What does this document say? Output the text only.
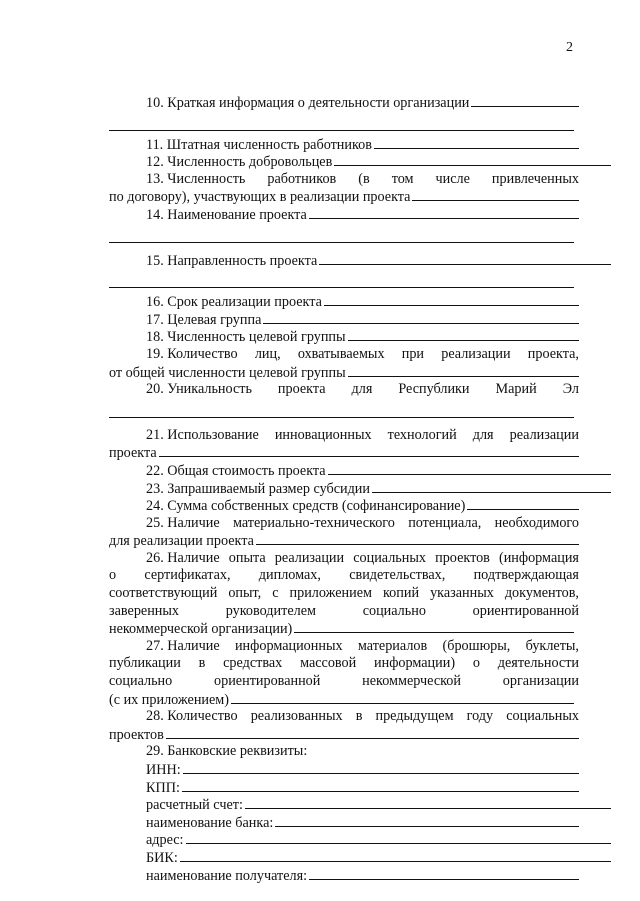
2
10. Краткая информация о деятельности организации
11. Штатная численность работников
12. Численность добровольцев
13. Численность работников (в том числе привлеченных
по договору), участвующих в реализации проекта
14. Наименование проекта
15. Направленность проекта
16. Срок реализации проекта
17. Целевая группа
18. Численность целевой группы
19. Количество лиц, охватываемых при реализации проекта,
от общей численности целевой группы
20. Уникальность проекта для Республики Марий Эл
21. Использование инновационных технологий для реализации
проекта
22. Общая стоимость проекта
23. Запрашиваемый размер субсидии
24. Сумма собственных средств (софинансирование)
25. Наличие материально-технического потенциала, необходимого
для реализации проекта
26. Наличие опыта реализации социальных проектов (информация
о сертификатах, дипломах, свидетельствах, подтверждающая
соответствующий опыт, с приложением копий указанных документов,
заверенных	руководителем	социально	ориентированной
некоммерческой организации)
27. Наличие информационных материалов (брошюры, буклеты,
публикации в средствах массовой информации) о деятельности
социально	ориентированной	некоммерческой	организации
(с их приложением)
28. Количество реализованных в предыдущем году социальных
проектов
29. Банковские реквизиты:
ИНН:
КПП:
расчетный счет:
наименование банка:
адрес:
БИК:
наименование получателя:
